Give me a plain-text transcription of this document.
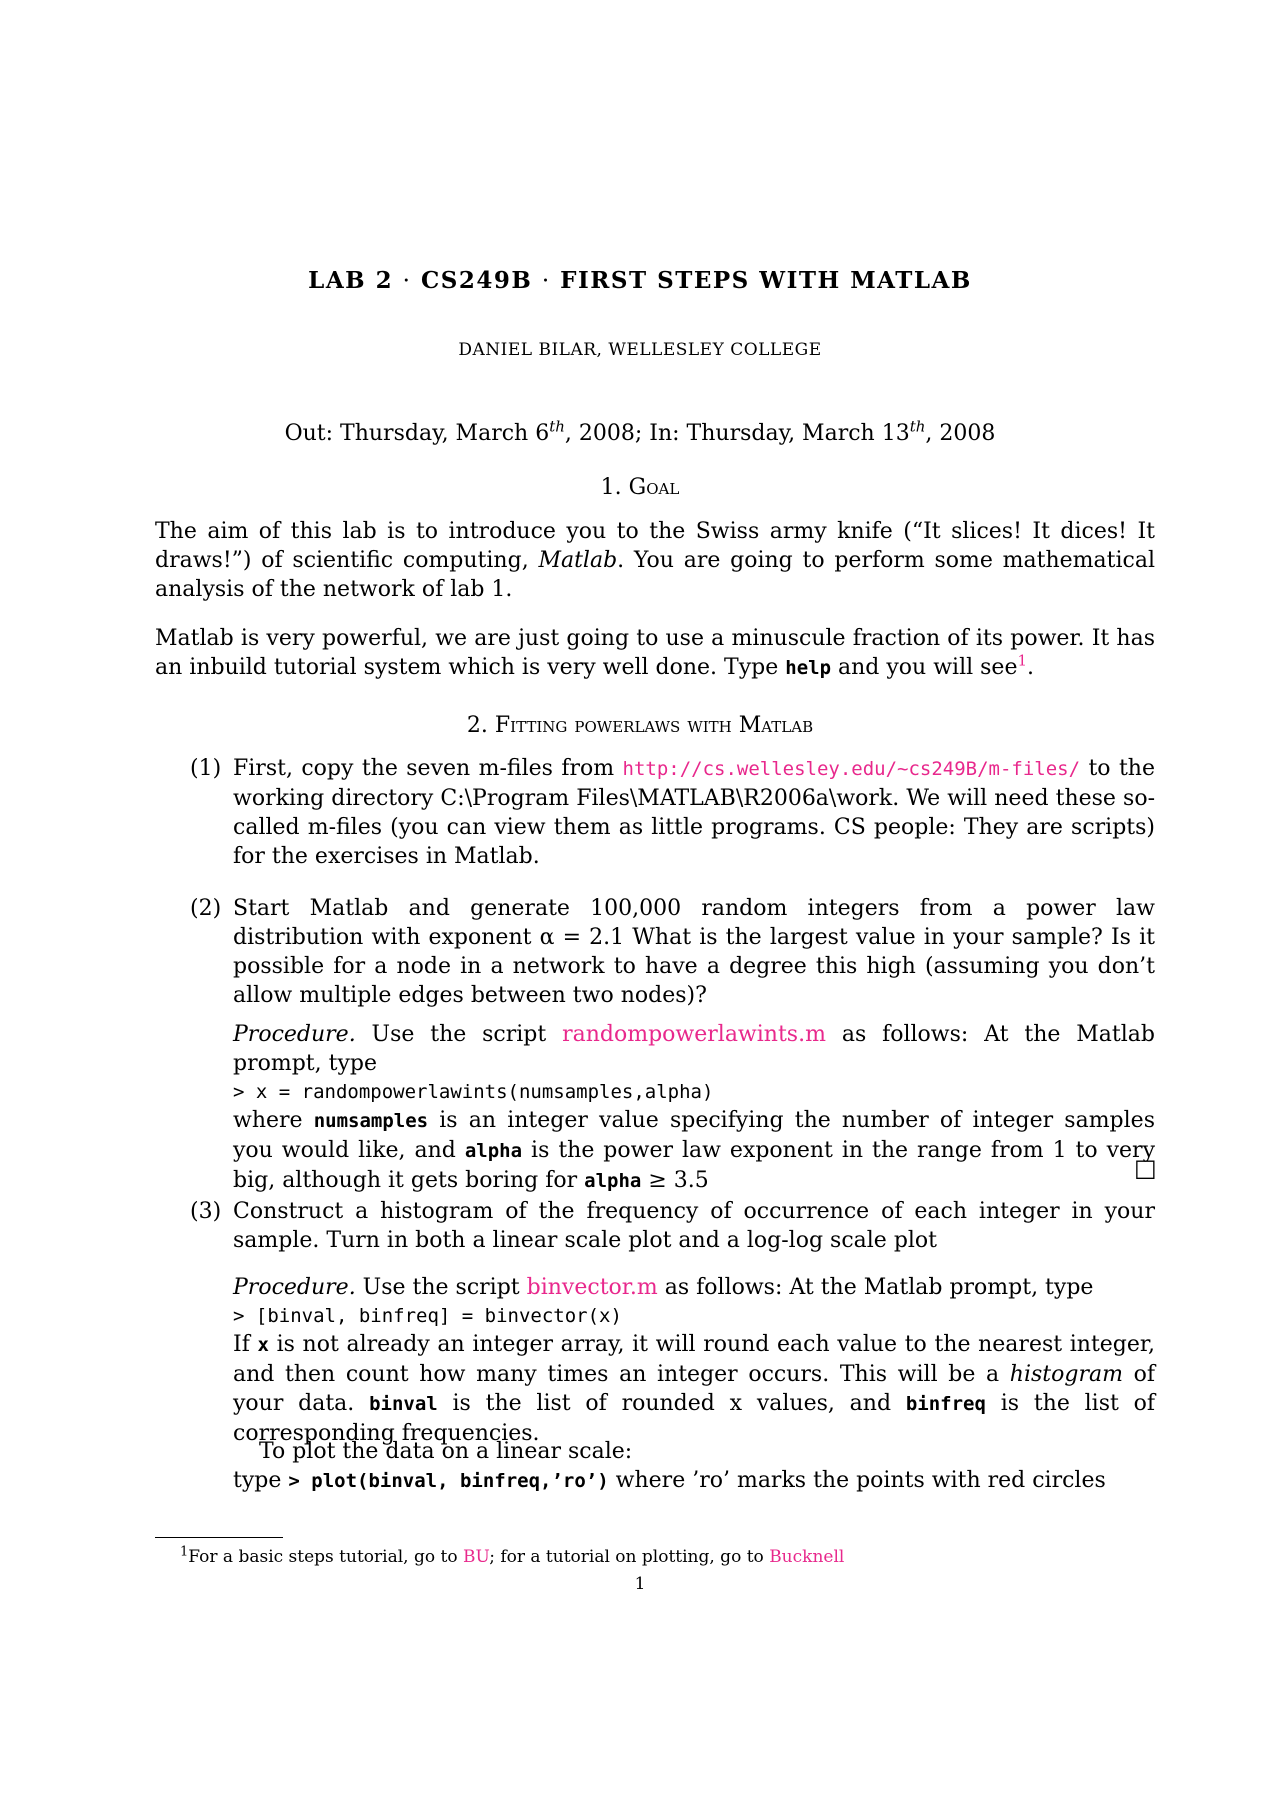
LAB 2 · CS249B · FIRST STEPS WITH MATLAB
DANIEL BILAR, WELLESLEY COLLEGE
Out: Thursday, March 6th, 2008; In: Thursday, March 13th, 2008
1. Goal
The aim of this lab is to introduce you to the Swiss army knife (“It slices! It dices! It draws!”) of scientific computing, Matlab. You are going to perform some mathematical analysis of the network of lab 1.
Matlab is very powerful, we are just going to use a minuscule fraction of its power. It has an inbuild tutorial system which is very well done. Type help and you will see$^1$.
2. Fitting powerlaws with Matlab
(1) First, copy the seven m-files from http://cs.wellesley.edu/~cs249B/m-files/ to the working directory C:\Program Files\MATLAB\R2006a\work. We will need these so-called m-files (you can view them as little programs. CS people: They are scripts) for the exercises in Matlab.
(2) Start Matlab and generate 100,000 random integers from a power law distribution with exponent α = 2.1 What is the largest value in your sample? Is it possible for a node in a network to have a degree this high (assuming you don’t allow multiple edges between two nodes)?
Procedure. Use the script randompowerlawints.m as follows: At the Matlab prompt, type
> x = randompowerlawints(numsamples,alpha)
where numsamples is an integer value specifying the number of integer samples you would like, and alpha is the power law exponent in the range from 1 to very big, although it gets boring for alpha ≥ 3.5	□
(3) Construct a histogram of the frequency of occurrence of each integer in your sample. Turn in both a linear scale plot and a log-log scale plot
Procedure. Use the script binvector.m as follows: At the Matlab prompt, type
> [binval, binfreq] = binvector(x)
If x is not already an integer array, it will round each value to the nearest integer, and then count how many times an integer occurs. This will be a histogram of your data. binval is the list of rounded x values, and binfreq is the list of corresponding frequencies.
To plot the data on a linear scale:
type > plot(binval, binfreq,’ro’) where ’ro’ marks the points with red circles
$^1$For a basic steps tutorial, go to BU; for a tutorial on plotting, go to Bucknell
1
